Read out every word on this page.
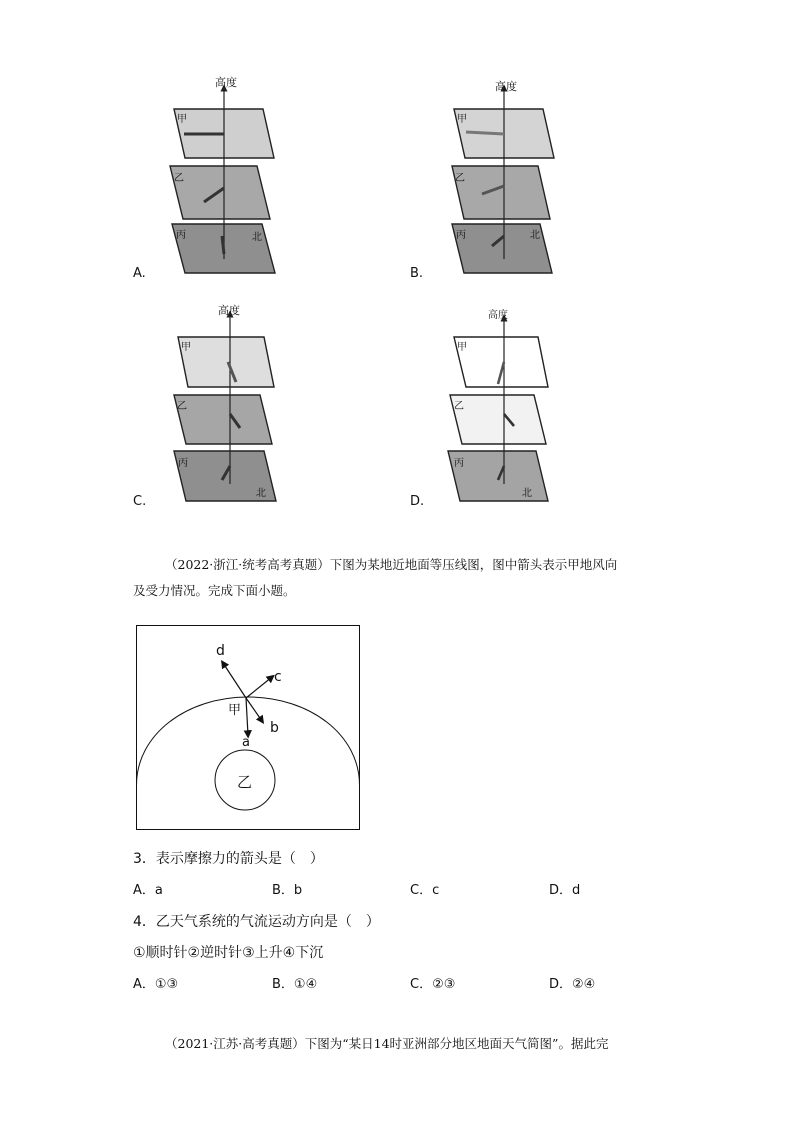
高度
甲
乙
丙	北
A.
高度
甲
乙
丙	北
B.
高度
甲
乙
丙
北
C.
高度
甲
乙
丙
北
D.
（2022·浙江·统考高考真题）下图为某地近地面等压线图，图中箭头表示甲地风向
及受力情况。完成下面小题。
d
c
甲
b
a
乙
3．表示摩擦力的箭头是（　）
A．a	B．b	C．c	D．d
4．乙天气系统的气流运动方向是（　）
①顺时针②逆时针③上升④下沉
A．①③	B．①④	C．②③	D．②④
（2021·江苏·高考真题）下图为“某日14时亚洲部分地区地面天气简图”。据此完
